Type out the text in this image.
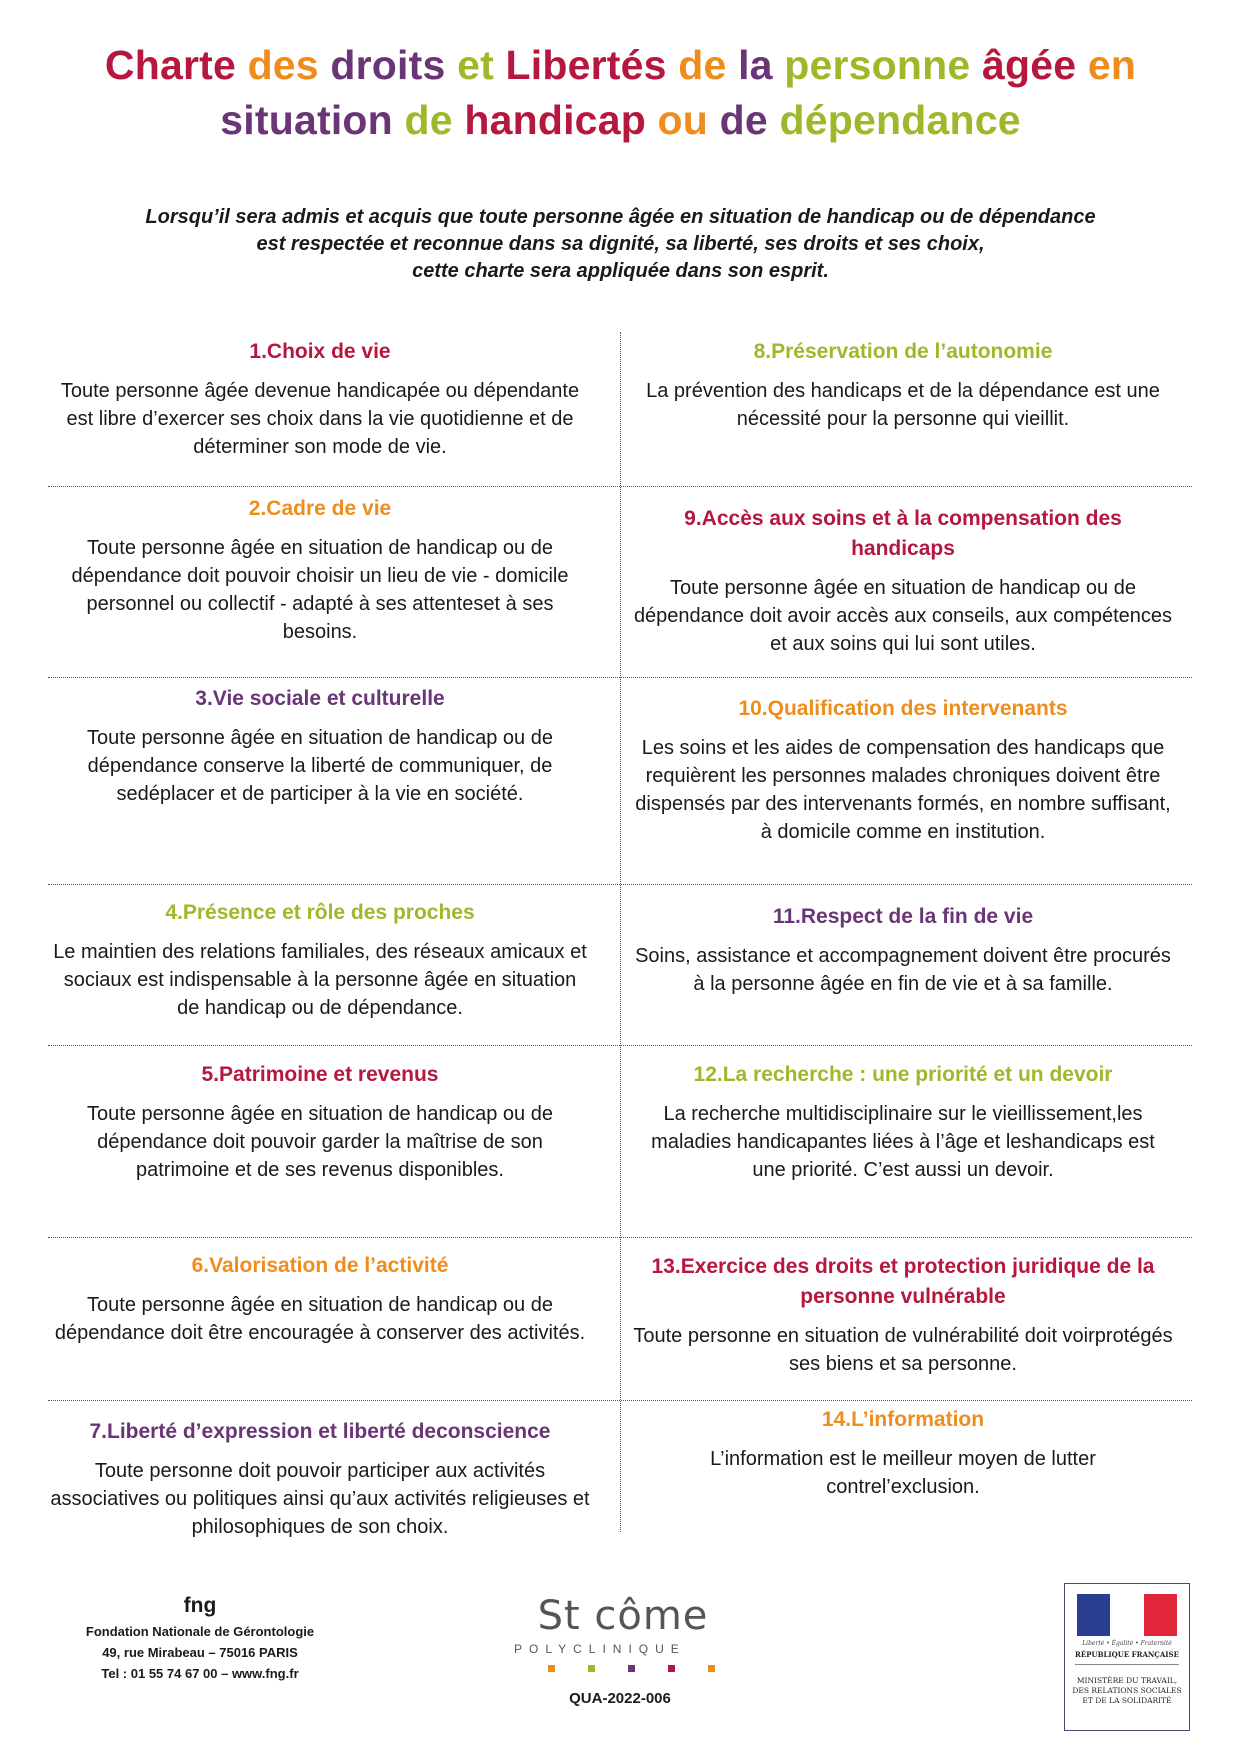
Charte des droits et Libertés de la personne âgée en
situation de handicap ou de dépendance
Lorsqu’il sera admis et acquis que toute personne âgée en situation de handicap ou de dépendance
est respectée et reconnue dans sa dignité, sa liberté, ses droits et ses choix,
cette charte sera appliquée dans son esprit.
1.Choix de vie

Toute personne âgée devenue handicapée ou dépendante est libre d’exercer ses choix dans la vie quotidienne et de déterminer son mode de vie.

2.Cadre de vie

Toute personne âgée en situation de handicap ou de dépendance doit pouvoir choisir un lieu de vie - domicile personnel ou collectif - adapté à ses attenteset à ses besoins.

3.Vie sociale et culturelle

Toute personne âgée en situation de handicap ou de dépendance conserve la liberté de communiquer, de sedéplacer et de participer à la vie en société.

4.Présence et rôle des proches

Le maintien des relations familiales, des réseaux amicaux et sociaux est indispensable à la personne âgée en situation de handicap ou de dépendance.

5.Patrimoine et revenus

Toute personne âgée en situation de handicap ou de dépendance doit pouvoir garder la maîtrise de son patrimoine et de ses revenus disponibles.

6.Valorisation de l’activité

Toute personne âgée en situation de handicap ou de dépendance doit être encouragée à conserver des activités.

7.Liberté d’expression et liberté deconscience

Toute personne doit pouvoir participer aux activités associatives ou politiques ainsi qu’aux activités religieuses et philosophiques de son choix.

8.Préservation de l’autonomie

La prévention des handicaps et de la dépendance est une nécessité pour la personne qui vieillit.

9.Accès aux soins et à la compensation des handicaps

Toute personne âgée en situation de handicap ou de dépendance doit avoir accès aux conseils, aux compétences et aux soins qui lui sont utiles.

10.Qualification des intervenants

Les soins et les aides de compensation des handicaps que requièrent les personnes malades chroniques doivent être dispensés par des intervenants formés, en nombre suffisant, à domicile comme en institution.

11.Respect de la fin de vie

Soins, assistance et accompagnement doivent être procurés à la personne âgée en fin de vie et à sa famille.

12.La recherche : une priorité et un devoir

La recherche multidisciplinaire sur le vieillissement,les maladies handicapantes liées à l’âge et leshandicaps est une priorité. C’est aussi un devoir.

13.Exercice des droits et protection juridique de la personne vulnérable

Toute personne en situation de vulnérabilité doit voirprotégés ses biens et sa personne.

14.L’information

L’information est le meilleur moyen de lutter contrel’exclusion.

fng
Fondation Nationale de Gérontologie
49, rue Mirabeau – 75016 PARIS
Tel : 01 55 74 67 00 – www.fng.fr
St côme
POLYCLINIQUE
QUA-2022-006
Liberté • Égalité • Fraternité
RÉPUBLIQUE FRANÇAISE
MINISTÈRE DU TRAVAIL, DES RELATIONS SOCIALES ET DE LA SOLIDARITÉ
